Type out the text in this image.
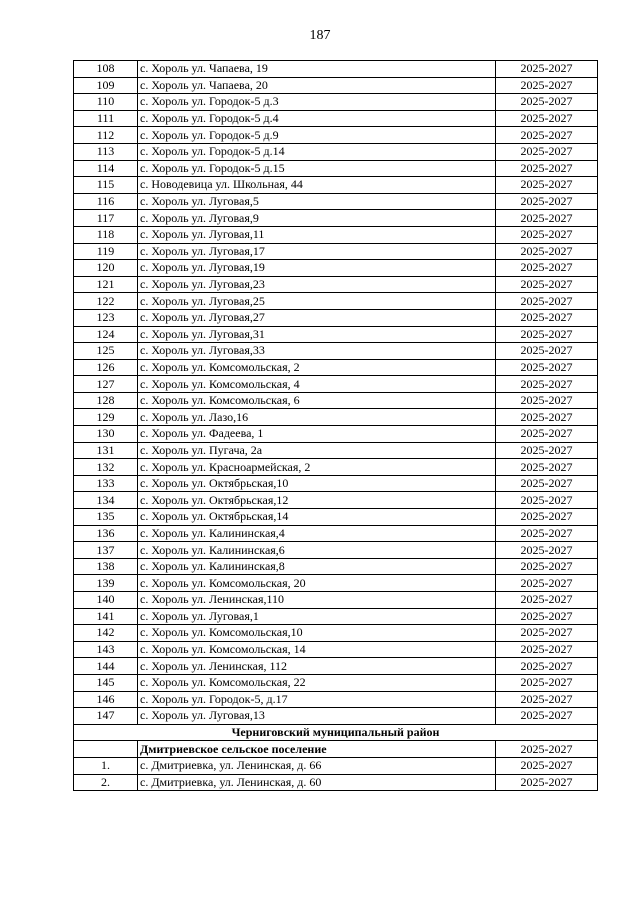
187
108	с. Хороль ул. Чапаева, 19	2025-2027
109	с. Хороль ул. Чапаева, 20	2025-2027
110	с. Хороль ул. Городок-5 д.3	2025-2027
111	с. Хороль ул. Городок-5 д.4	2025-2027
112	с. Хороль ул. Городок-5 д.9	2025-2027
113	с. Хороль ул. Городок-5 д.14	2025-2027
114	с. Хороль ул. Городок-5 д.15	2025-2027
115	с. Новодевица ул. Школьная, 44	2025-2027
116	с. Хороль ул. Луговая,5	2025-2027
117	с. Хороль ул. Луговая,9	2025-2027
118	с. Хороль ул. Луговая,11	2025-2027
119	с. Хороль ул. Луговая,17	2025-2027
120	с. Хороль ул. Луговая,19	2025-2027
121	с. Хороль ул. Луговая,23	2025-2027
122	с. Хороль ул. Луговая,25	2025-2027
123	с. Хороль ул. Луговая,27	2025-2027
124	с. Хороль ул. Луговая,31	2025-2027
125	с. Хороль ул. Луговая,33	2025-2027
126	с. Хороль ул. Комсомольская, 2	2025-2027
127	с. Хороль ул. Комсомольская, 4	2025-2027
128	с. Хороль ул. Комсомольская, 6	2025-2027
129	с. Хороль ул. Лазо,16	2025-2027
130	с. Хороль ул. Фадеева, 1	2025-2027
131	с. Хороль ул. Пугача, 2а	2025-2027
132	с. Хороль ул. Красноармейская, 2	2025-2027
133	с. Хороль ул. Октябрьская,10	2025-2027
134	с. Хороль ул. Октябрьская,12	2025-2027
135	с. Хороль ул. Октябрьская,14	2025-2027
136	с. Хороль ул. Калининская,4	2025-2027
137	с. Хороль ул. Калининская,6	2025-2027
138	с. Хороль ул. Калининская,8	2025-2027
139	с. Хороль ул. Комсомольская, 20	2025-2027
140	с. Хороль ул. Ленинская,110	2025-2027
141	с. Хороль ул. Луговая,1	2025-2027
142	с. Хороль ул. Комсомольская,10	2025-2027
143	с. Хороль ул. Комсомольская, 14	2025-2027
144	с. Хороль ул. Ленинская, 112	2025-2027
145	с. Хороль ул. Комсомольская, 22	2025-2027
146	с. Хороль ул. Городок-5, д.17	2025-2027
147	с. Хороль ул. Луговая,13	2025-2027
Черниговский муниципальный район		
	Дмитриевское сельское поселение	2025-2027
1.	с. Дмитриевка, ул. Ленинская, д. 66	2025-2027
2.	с. Дмитриевка, ул. Ленинская, д. 60	2025-2027
